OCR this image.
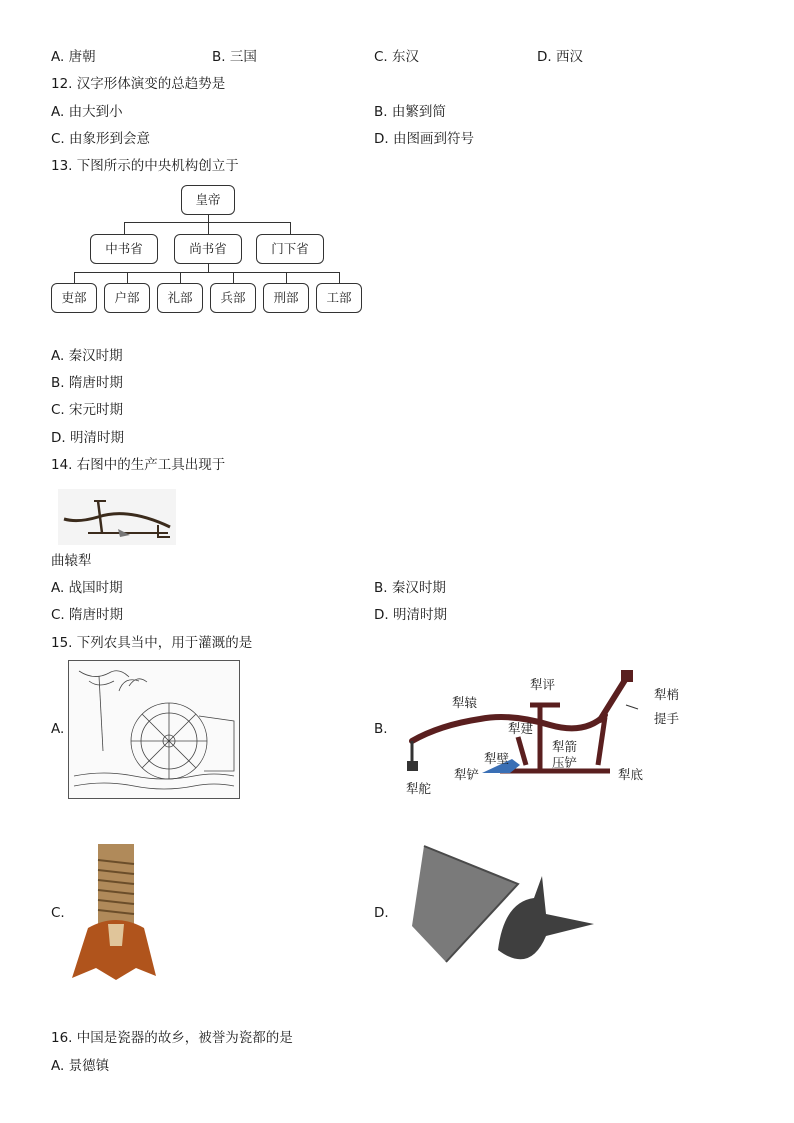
A. 唐朝	B. 三国	C. 东汉	D. 西汉
12. 汉字形体演变的总趋势是
A. 由大到小	B. 由繁到简
C. 由象形到会意	D. 由图画到符号
13. 下图所示的中央机构创立于
皇帝
中书省	尚书省	门下省
吏部	户部	礼部	兵部	刑部	工部
A. 秦汉时期
B. 隋唐时期
C. 宋元时期
D. 明清时期
14. 右图中的生产工具出现于
曲辕犁
A. 战国时期	B. 秦汉时期
C. 隋唐时期	D. 明清时期
15. 下列农具当中，用于灌溉的是
A.	B.
犁评
犁梢
犁辕
犁建
犁箭
提手
犁壁	压铲
犁铲	犁底
犁舵
C.	D.
16. 中国是瓷器的故乡，被誉为瓷都的是
A. 景德镇
